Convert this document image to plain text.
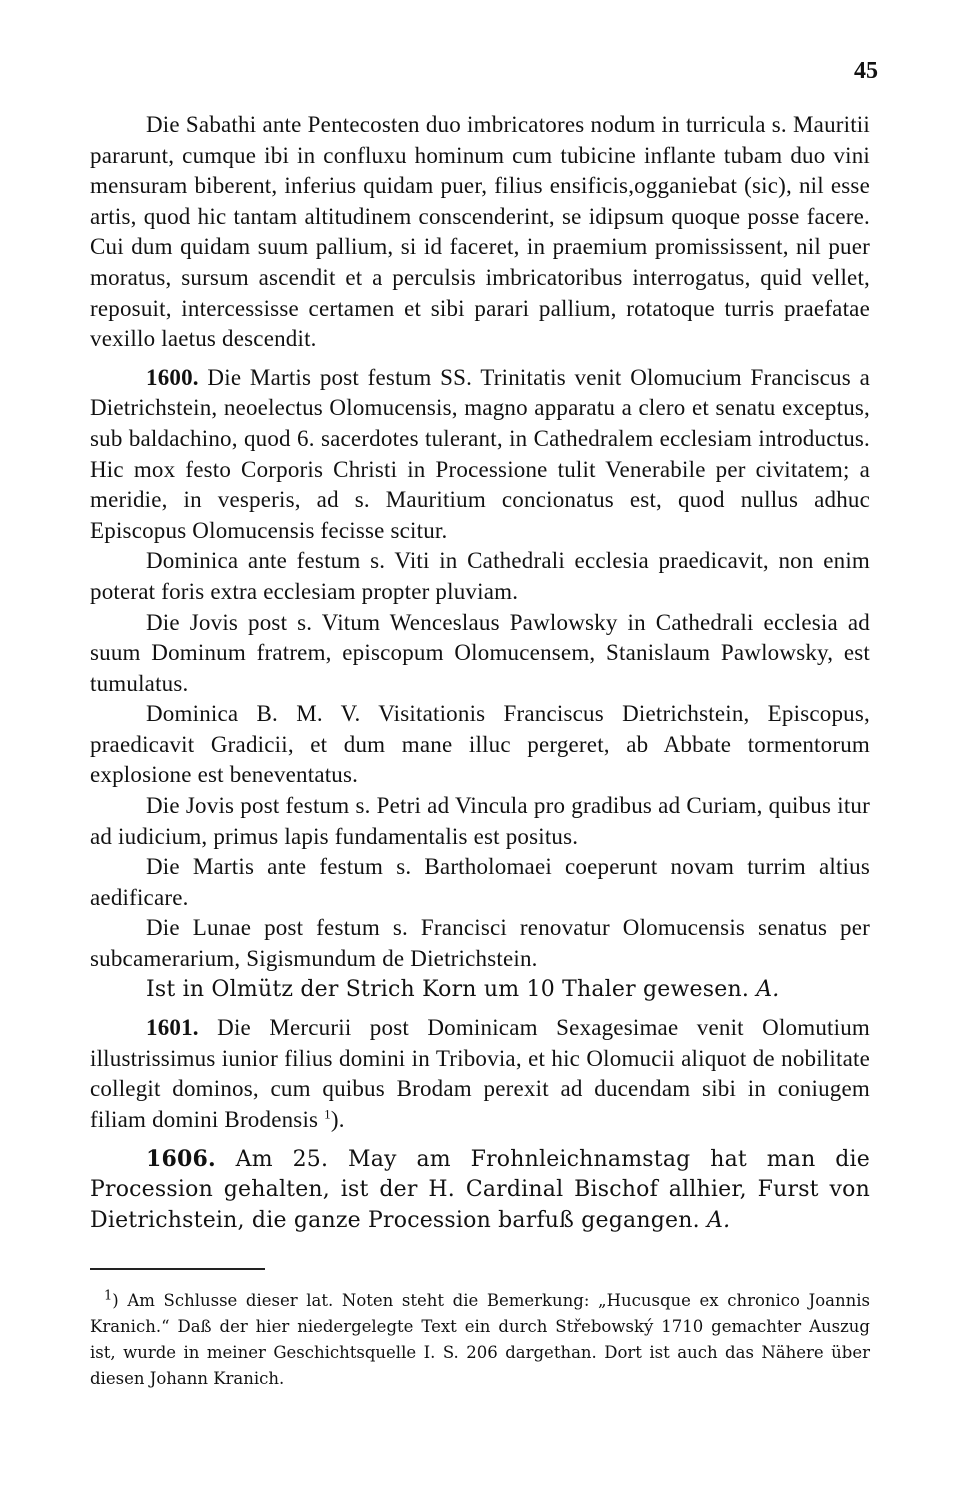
45

Die Sabathi ante Pentecosten duo imbricatores nodum in turricula s. Mauritii pararunt, cumque ibi in confluxu hominum cum tubicine inflante tubam duo vini mensuram biberent, inferius quidam puer, filius ensificis,ogganiebat (sic), nil esse artis, quod hic tantam altitudinem conscenderint, se idipsum quoque posse facere. Cui dum quidam suum pallium, si id faceret, in praemium promississent, nil puer moratus, sursum ascendit et a perculsis imbricatoribus interrogatus, quid vellet, reposuit, intercessisse certamen et sibi parari pallium, rotatoque turris praefatae vexillo laetus descendit.

1600. Die Martis post festum SS. Trinitatis venit Olomucium Franciscus a Dietrichstein, neoelectus Olomucensis, magno apparatu a clero et senatu exceptus, sub baldachino, quod 6. sacerdotes tulerant, in Cathedralem ecclesiam introductus. Hic mox festo Corporis Christi in Processione tulit Venerabile per civitatem; a meridie, in vesperis, ad s. Mauritium concionatus est, quod nullus adhuc Episcopus Olomucensis fecisse scitur.

Dominica ante festum s. Viti in Cathedrali ecclesia praedicavit, non enim poterat foris extra ecclesiam propter pluviam.

Die Jovis post s. Vitum Wenceslaus Pawlowsky in Cathedrali ecclesia ad suum Dominum fratrem, episcopum Olomucensem, Stanislaum Pawlowsky, est tumulatus.

Dominica B. M. V. Visitationis Franciscus Dietrichstein, Episcopus, praedicavit Gradicii, et dum mane illuc pergeret, ab Abbate tormentorum explosione est beneventatus.

Die Jovis post festum s. Petri ad Vincula pro gradibus ad Curiam, quibus itur ad iudicium, primus lapis fundamentalis est positus.

Die Martis ante festum s. Bartholomaei coeperunt novam turrim altius aedificare.

Die Lunae post festum s. Francisci renovatur Olomucensis senatus per subcamerarium, Sigismundum de Dietrichstein.

Ist in Olmütz der Strich Korn um 10 Thaler gewesen. A.

1601. Die Mercurii post Dominicam Sexagesimae venit Olomutium illustrissimus iunior filius domini in Tribovia, et hic Olomucii aliquot de nobilitate collegit dominos, cum quibus Brodam perexit ad ducendam sibi in coniugem filiam domini Brodensis $^1$).

1606. Am 25. May am Frohnleichnamstag hat man die Procession gehalten, ist der H. Cardinal Bischof allhier, Furst von Dietrichstein, die ganze Procession barfuß gegangen. A.

$^1$) Am Schlusse dieser lat. Noten steht die Bemerkung: „Hucusque ex chronico Joannis Kranich.“ Daß der hier niedergelegte Text ein durch Střebowský 1710 gemachter Auszug ist, wurde in meiner Geschichtsquelle I. S. 206 dargethan. Dort ist auch das Nähere über diesen Johann Kranich.
